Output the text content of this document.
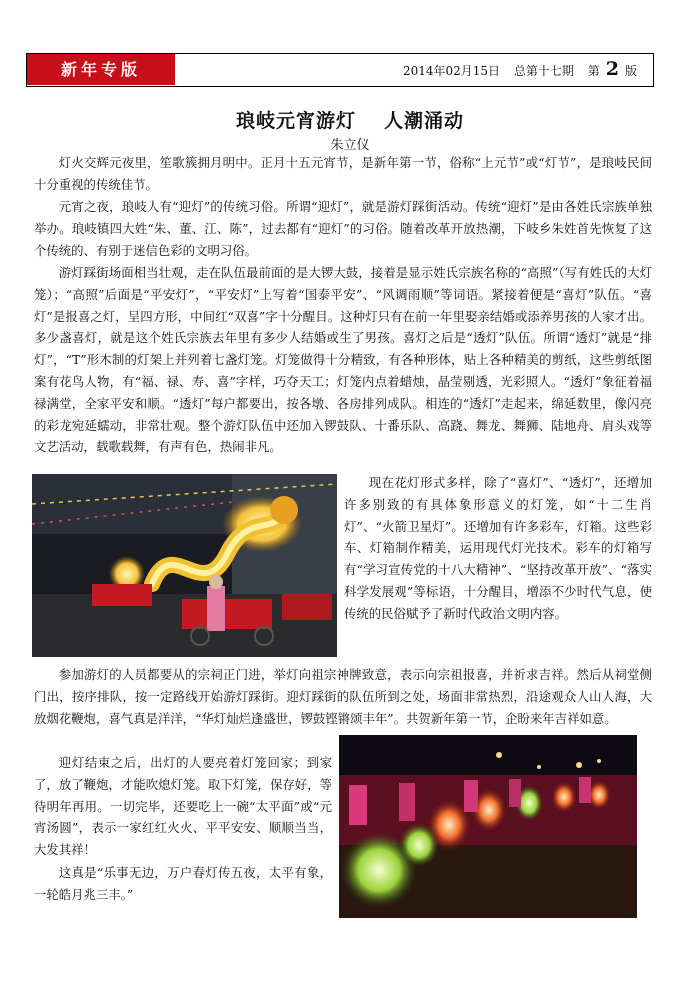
新年专版	2014年02月15日 总第十七期 第 2 版
琅岐元宵游灯 人潮涌动
朱立仪

灯火交辉元夜里，笙歌簇拥月明中。正月十五元宵节，是新年第一节，俗称“上元节”或“灯节”，是琅岐民间十分重视的传统佳节。

元宵之夜，琅岐人有“迎灯”的传统习俗。所谓“迎灯”，就是游灯踩街活动。传统“迎灯”是由各姓氏宗族单独举办。琅岐镇四大姓“朱、董、江、陈”，过去都有“迎灯”的习俗。随着改革开放热潮，下岐乡朱姓首先恢复了这个传统的、有别于迷信色彩的文明习俗。

游灯踩街场面相当壮观，走在队伍最前面的是大锣大鼓，接着是显示姓氏宗族名称的“高照”（写有姓氏的大灯笼）；“高照”后面是“平安灯”，“平安灯”上写着“国泰平安”、“风调雨顺”等词语。紧接着便是“喜灯”队伍。“喜灯”是报喜之灯，呈四方形，中间红“双喜”字十分醒目。这种灯只有在前一年里娶亲结婚或添养男孩的人家才出。多少盏喜灯，就是这个姓氏宗族去年里有多少人结婚或生了男孩。喜灯之后是“透灯”队伍。所谓“透灯”就是“排灯”，“T”形木制的灯架上并列着七盏灯笼。灯笼做得十分精致，有各种形体，贴上各种精美的剪纸，这些剪纸图案有花鸟人物，有“福、禄、寿、喜”字样，巧夺天工；灯笼内点着蜡烛，晶莹剔透，光彩照人。“透灯”象征着福禄满堂，全家平安和顺。“透灯”每户都要出，按各墩、各房排列成队。相连的“透灯”走起来，绵延数里，像闪亮的彩龙宛延蠕动，非常壮观。整个游灯队伍中还加入锣鼓队、十番乐队、高跷、舞龙、舞狮、陆地舟、肩头戏等文艺活动，载歌载舞，有声有色，热闹非凡。

现在花灯形式多样，除了“喜灯”、“透灯”，还增加许多别致的有具体象形意义的灯笼，如“十二生肖灯”、“火箭卫星灯”。还增加有许多彩车，灯箱。这些彩车、灯箱制作精美，运用现代灯光技术。彩车的灯箱写有“学习宣传党的十八大精神”、“坚持改革开放”、“落实科学发展观”等标语，十分醒目，增添不少时代气息，使传统的民俗赋予了新时代政治文明内容。

参加游灯的人员都要从的宗祠正门进，举灯向祖宗神牌致意，表示向宗祖报喜，并祈求吉祥。然后从祠堂侧门出，按序排队，按一定路线开始游灯踩街。迎灯踩街的队伍所到之处，场面非常热烈，沿途观众人山人海，大放烟花鞭炮，喜气真是洋洋，“华灯灿烂逢盛世，锣鼓铿锵颂丰年”。共贺新年第一节，企盼来年吉祥如意。

迎灯结束之后，出灯的人要亮着灯笼回家；到家了，放了鞭炮，才能吹熄灯笼。取下灯笼，保存好，等待明年再用。一切完毕，还要吃上一碗“太平面”或“元宵汤圆”，表示一家红红火火、平平安安、顺顺当当，大发其祥！

这真是“乐事无边，万户春灯传五夜，太平有象，一轮皓月兆三丰。”
